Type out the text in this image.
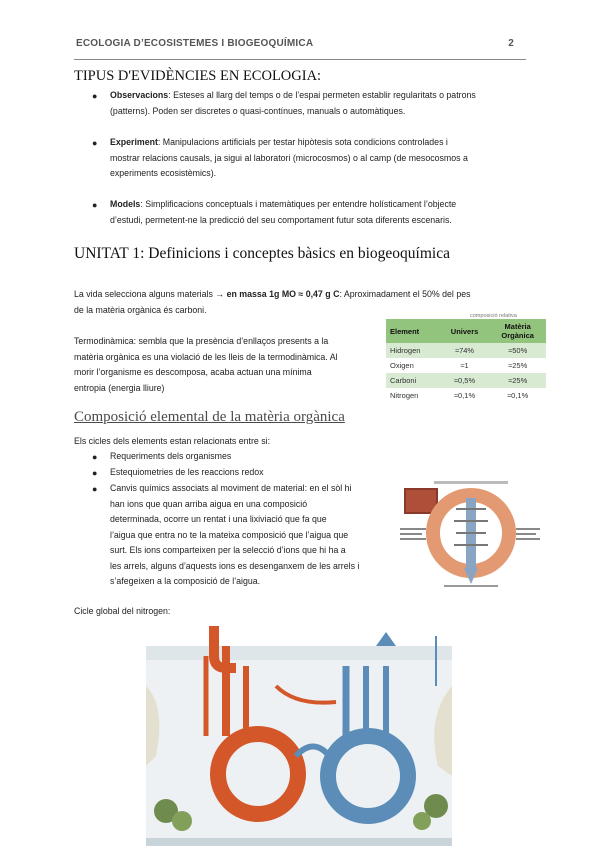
ECOLOGIA D’ECOSISTEMES I BIOGEOQUÍMICA	2
TIPUS D'EVIDÈNCIES EN ECOLOGIA:
● Observacions: Esteses al llarg del temps o de l’espai permeten establir regularitats o patrons
(patterns). Poden ser discretes o quasi-contínues, manuals o automàtiques.
● Experiment: Manipulacions artificials per testar hipòtesis sota condicions controlades i
mostrar relacions causals, ja sigui al laboratori (microcosmos) o al camp (de mesocosmos a
experiments ecosistèmics).
● Models: Simplificacions conceptuals i matemàtiques per entendre holísticament l’objecte
d’estudi, permetent-ne la predicció del seu comportament futur sota diferents escenaris.
UNITAT 1: Definicions i conceptes bàsics en biogeoquímica
La vida selecciona alguns materials → en massa 1g MO ≈ 0,47 g C: Aproximadament el 50% del pes
de la matèria orgànica és carboni.
Termodinàmica: sembla que la presència d’enllaços presents a la
matèria orgànica es una violació de les lleis de la termodinàmica. Al
morir l’organisme es descomposa, acaba actuan una mínima
entropia (energia lliure)
composició relativa
Element	Univers	Matèria
Orgànica
Hidrogen	≈74%	≈50%
Oxigen	≈1	≈25%
Carboni	≈0,5%	≈25%
Nitrogen	≈0,1%	≈0,1%
Composició elemental de la matèria orgànica
Els cicles dels elements estan relacionats entre si:
● Requeriments dels organismes
● Estequiometries de les reaccions redox
● Canvis químics associats al moviment de material: en el sòl hi
han ions que quan arriba aigua en una composició
determinada, ocorre un rentat i una lixiviació que fa que
l’aigua que entra no te la mateixa composició que l’aigua que
surt. Els ions comparteixen per la selecció d’ions que hi ha a
les arrels, alguns d’aquests ions es desenganxem de les arrels i
s’afegeixen a la composició de l’aigua.
Cicle global del nitrogen:
